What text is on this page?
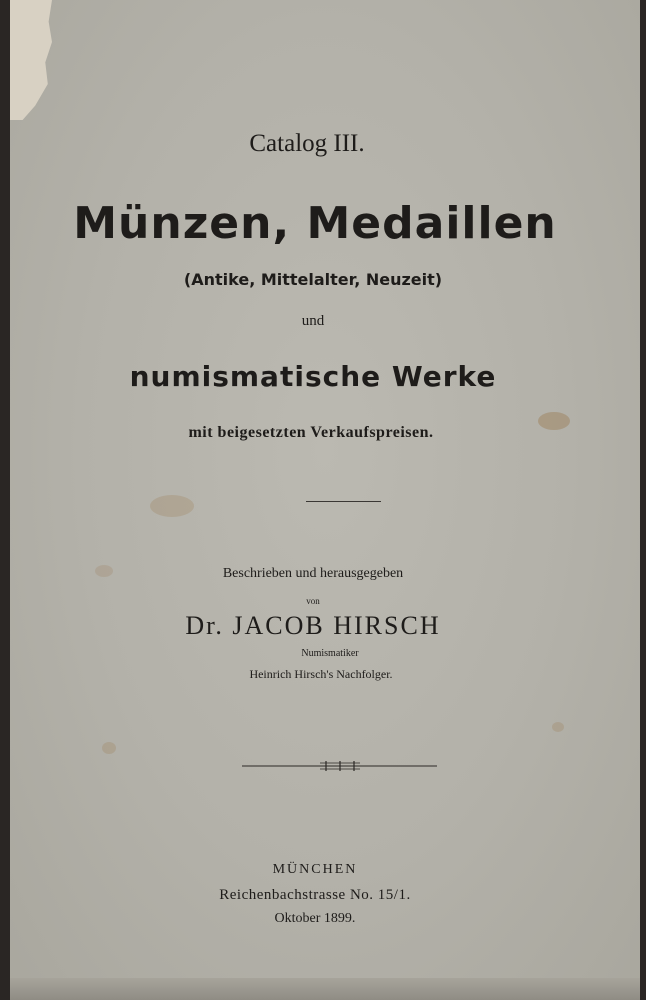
Catalog III.
Münzen, Medaillen
(Antike, Mittelalter, Neuzeit)
und
numismatische Werke
mit beigesetzten Verkaufspreisen.
Beschrieben und herausgegeben
von
Dr. JACOB HIRSCH
Numismatiker
Heinrich Hirsch's Nachfolger.
MÜNCHEN
Reichenbachstrasse No. 15/1.
Oktober 1899.
